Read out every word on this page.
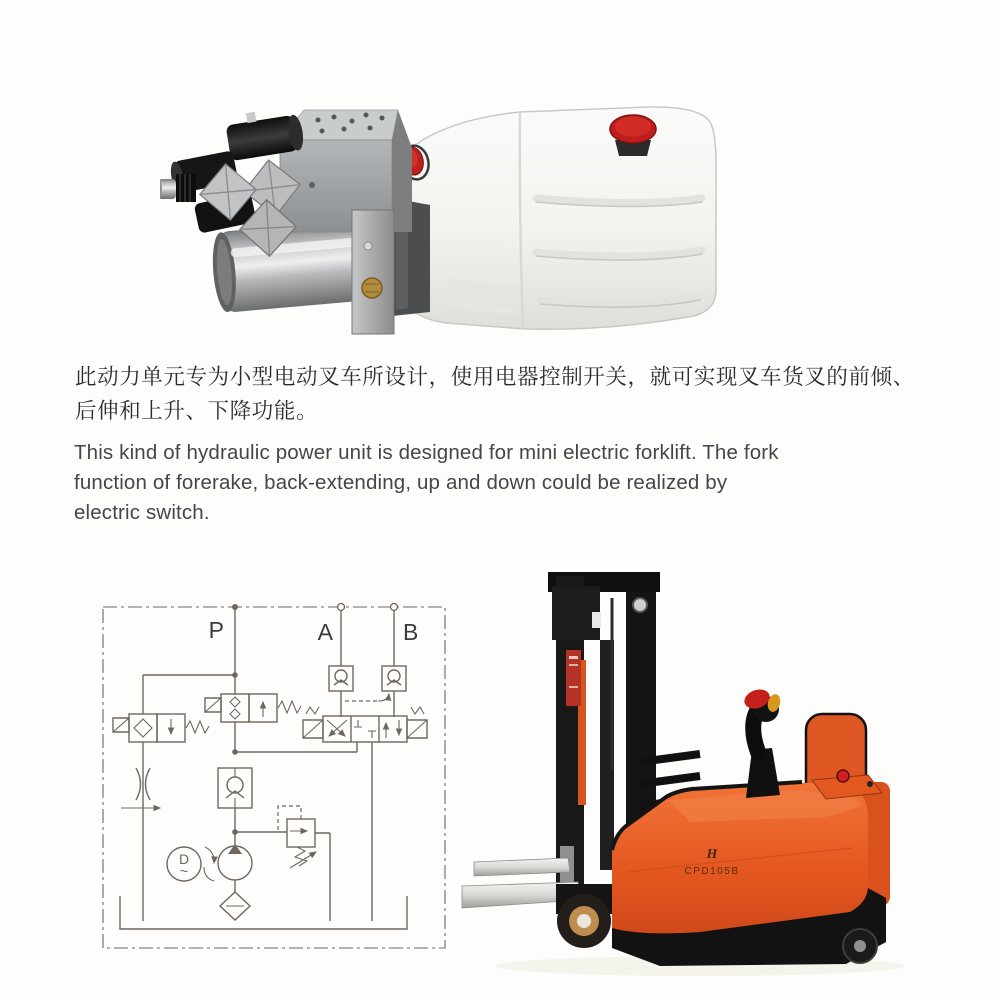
此动力单元专为小型电动叉车所设计，使用电器控制开关，就可实现叉车货叉的前倾、
后伸和上升、下降功能。

This kind of hydraulic power unit is designed for mini electric forklift. The fork
function of forerake, back-extending, up and down could be realized by
electric switch.

P	A	B
D
~
H
CPD105B
